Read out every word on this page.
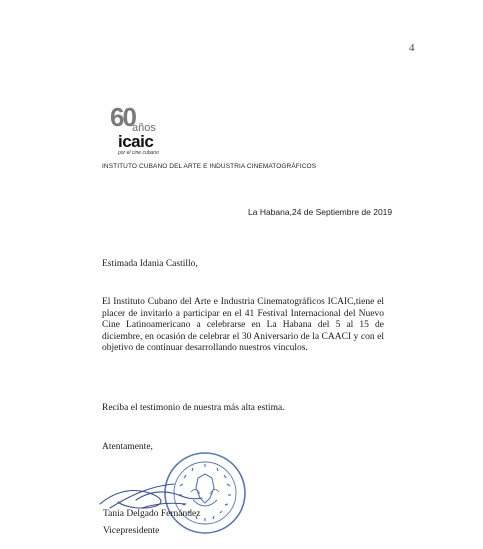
4
60
años
icaic
por el cine cubano
INSTITUTO CUBANO DEL ARTE E INDUSTRIA CINEMATOGRÁFICOS
La Habana,24 de Septiembre de 2019
Estimada Idania Castillo,
El Instituto Cubano del Arte e Industria Cinematográficos ICAIC,tiene el placer de invitarlo a participar en el 41 Festival Internacional del Nuevo Cine Latinoamericano a celebrarse en La Habana del 5 al 15 de diciembre, en ocasión de celebrar el 30 Aniversario de la CAACI y con el objetivo de continuar desarrollando nuestros vínculos.
Reciba el testimonio de nuestra más alta estima.
Atentamente,
Tania Delgado Fernández
Vicepresidente
